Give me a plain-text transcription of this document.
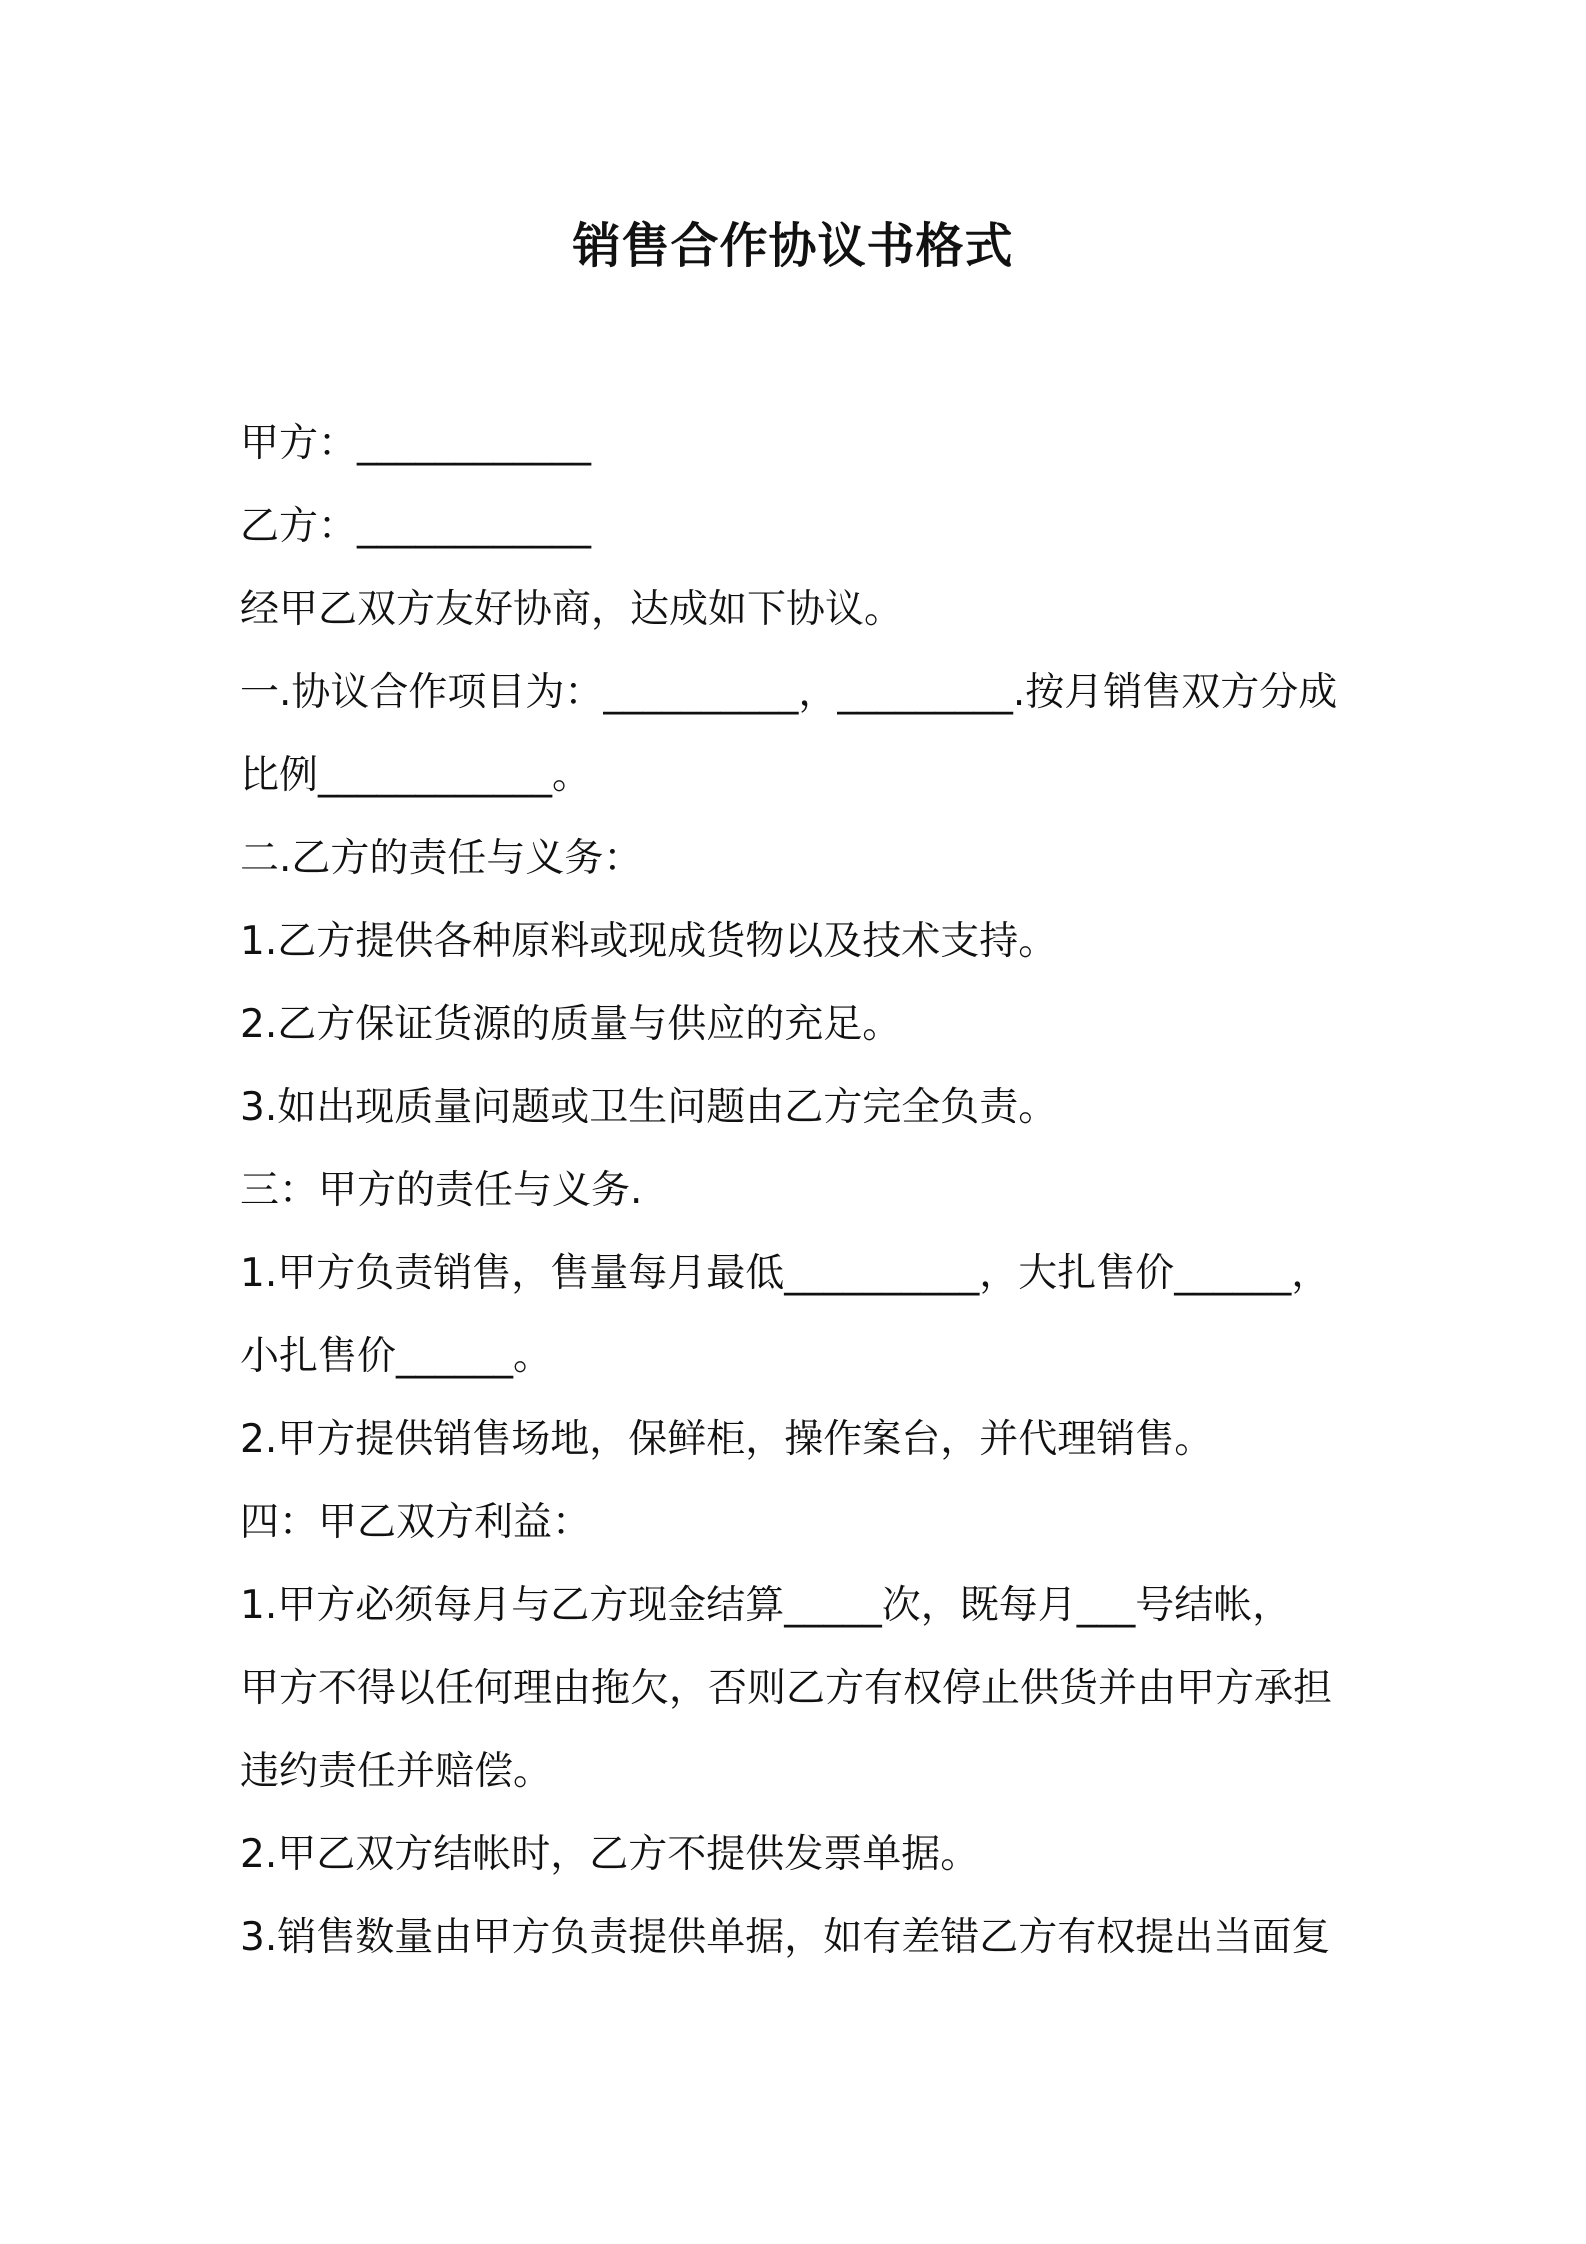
销售合作协议书格式

甲方：____________

乙方：____________

经甲乙双方友好协商，达成如下协议。

一.协议合作项目为：__________，_________.按月销售双方分成

比例____________。

二.乙方的责任与义务：

1.乙方提供各种原料或现成货物以及技术支持。

2.乙方保证货源的质量与供应的充足。

3.如出现质量问题或卫生问题由乙方完全负责。

三：甲方的责任与义务.

1.甲方负责销售，售量每月最低__________，大扎售价______，

小扎售价______。

2.甲方提供销售场地，保鲜柜，操作案台，并代理销售。

四：甲乙双方利益：

1.甲方必须每月与乙方现金结算_____次，既每月___号结帐，

甲方不得以任何理由拖欠，否则乙方有权停止供货并由甲方承担

违约责任并赔偿。

2.甲乙双方结帐时，乙方不提供发票单据。

3.销售数量由甲方负责提供单据，如有差错乙方有权提出当面复
